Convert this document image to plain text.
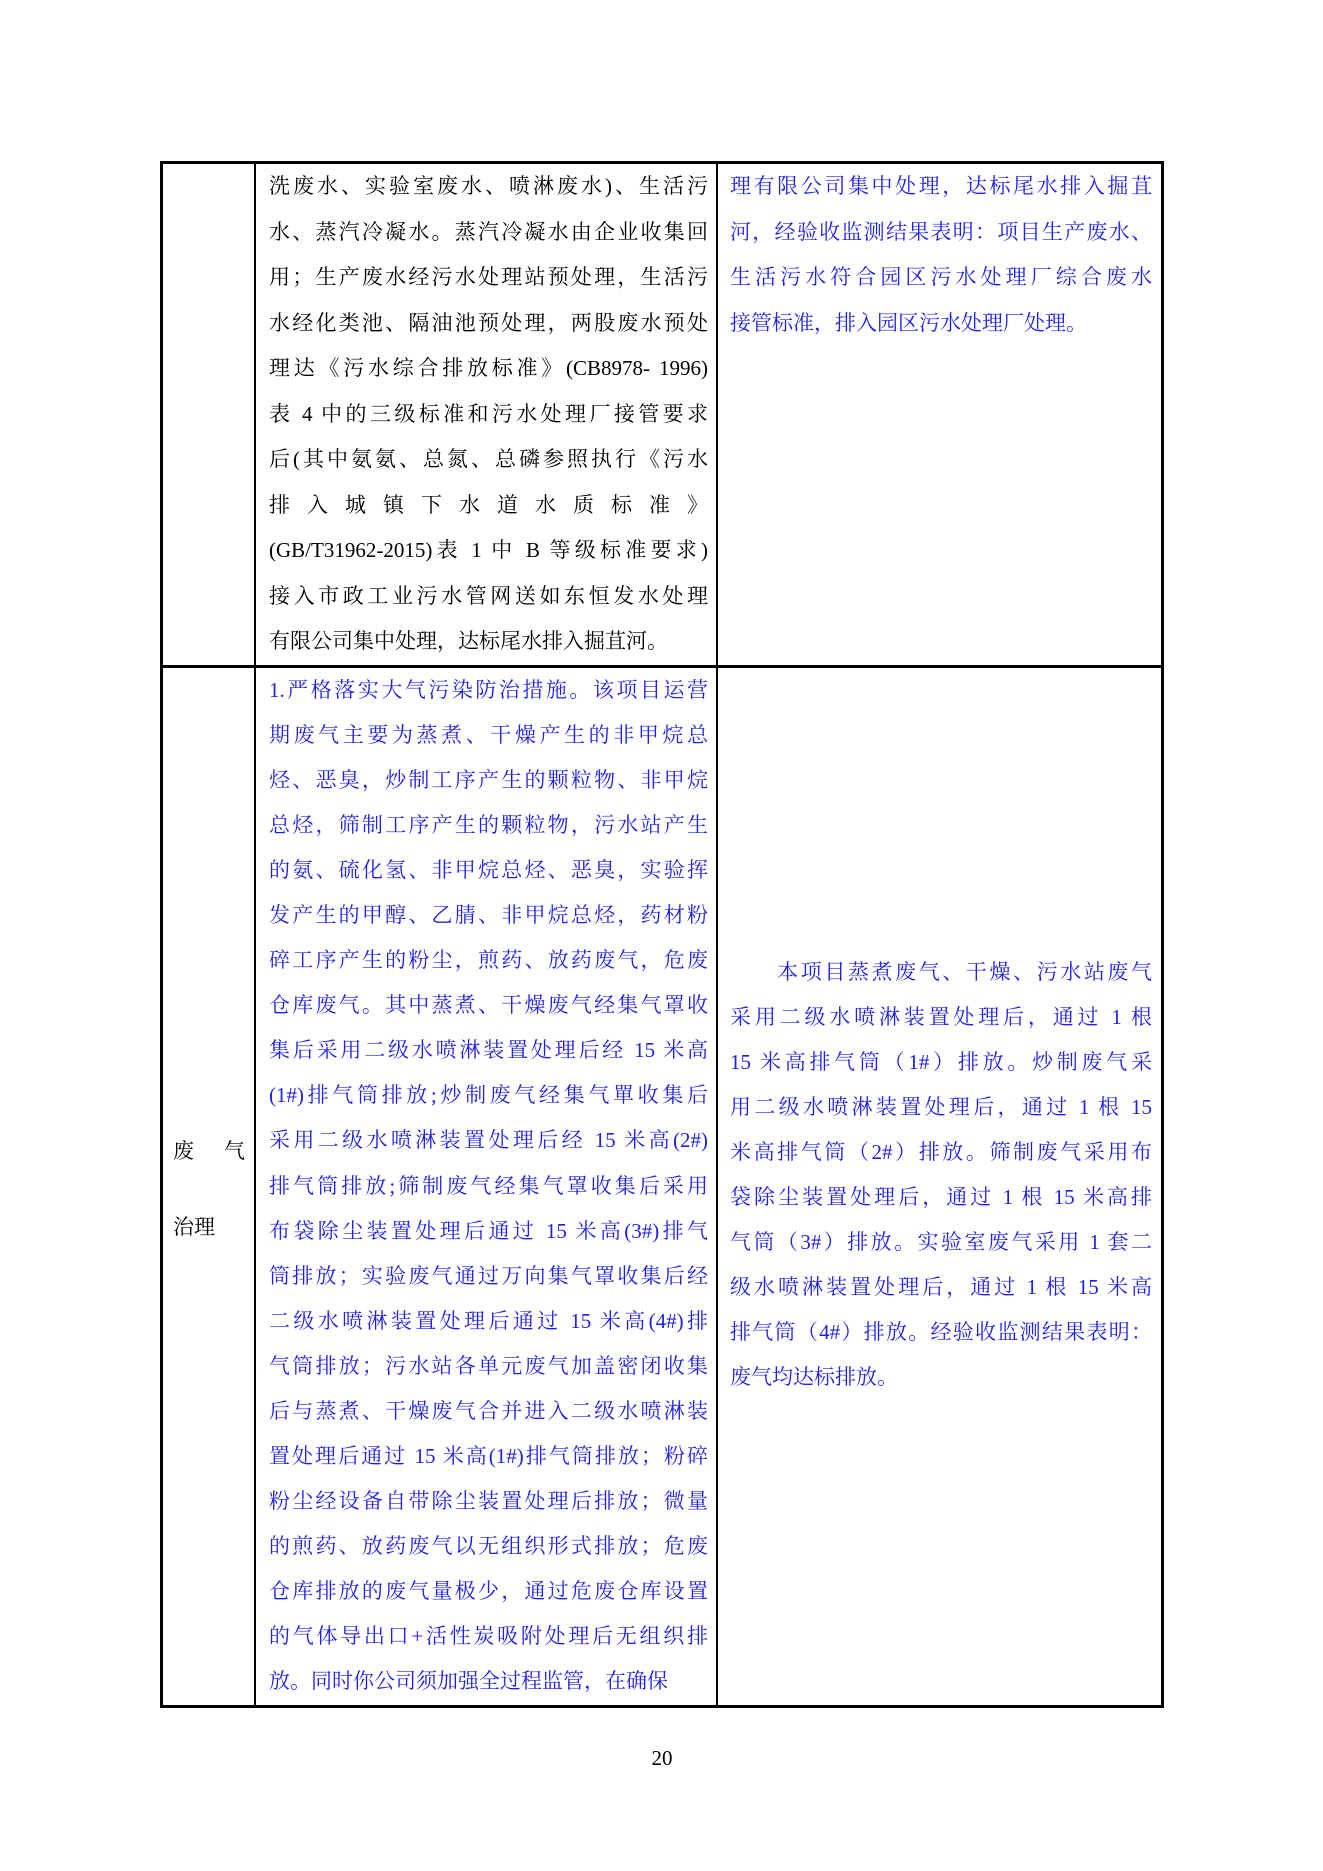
洗废水、实验室废水、喷淋废水)、生活污
水、蒸汽冷凝水。蒸汽冷凝水由企业收集回
用；生产废水经污水处理站预处理，生活污
水经化类池、隔油池预处理，两股废水预处
理达《污水综合排放标准》(CB8978- 1996)
表 4 中的三级标准和污水处理厂接管要求
后(其中氨氨、总氮、总磷参照执行《污水
排入城镇下水道水质标准》
(GB/T31962-2015)表 1 中 B 等级标准要求)
接入市政工业污水管网送如东恒发水处理
有限公司集中处理，达标尾水排入掘苴河。
理有限公司集中处理，达标尾水排入掘苴
河，经验收监测结果表明：项目生产废水、
生活污水符合园区污水处理厂综合废水
接管标准，排入园区污水处理厂处理。
废气
治理
1.严格落实大气污染防治措施。该项目运营
期废气主要为蒸煮、干燥产生的非甲烷总
烃、恶臭，炒制工序产生的颗粒物、非甲烷
总烃，筛制工序产生的颗粒物，污水站产生
的氨、硫化氢、非甲烷总烃、恶臭，实验挥
发产生的甲醇、乙腈、非甲烷总烃，药材粉
碎工序产生的粉尘，煎药、放药废气，危废
仓库废气。其中蒸煮、干燥废气经集气罩收
集后采用二级水喷淋装置处理后经 15 米高
(1#)排气筒排放;炒制废气经集气單收集后
采用二级水喷淋装置处理后经 15 米高(2#)
排气筒排放;筛制废气经集气罩收集后采用
布袋除尘装置处理后通过 15 米高(3#)排气
筒排放；实验废气通过万向集气罩收集后经
二级水喷淋装置处理后通过 15 米高(4#)排
气筒排放；污水站各单元废气加盖密闭收集
后与蒸煮、干燥废气合并进入二级水喷淋装
置处理后通过 15 米高(1#)排气筒排放；粉碎
粉尘经设备自带除尘装置处理后排放；微量
的煎药、放药废气以无组织形式排放；危废
仓库排放的废气量极少，通过危废仓库设置
的气体导出口+活性炭吸附处理后无组织排
放。同时你公司须加强全过程监管，在确保
　　本项目蒸煮废气、干燥、污水站废气
采用二级水喷淋装置处理后，通过 1 根
15 米高排气筒（1#）排放。炒制废气采
用二级水喷淋装置处理后，通过 1 根 15
米高排气筒（2#）排放。筛制废气采用布
袋除尘装置处理后，通过 1 根 15 米高排
气筒（3#）排放。实验室废气采用 1 套二
级水喷淋装置处理后，通过 1 根 15 米高
排气筒（4#）排放。经验收监测结果表明：
废气均达标排放。
20
